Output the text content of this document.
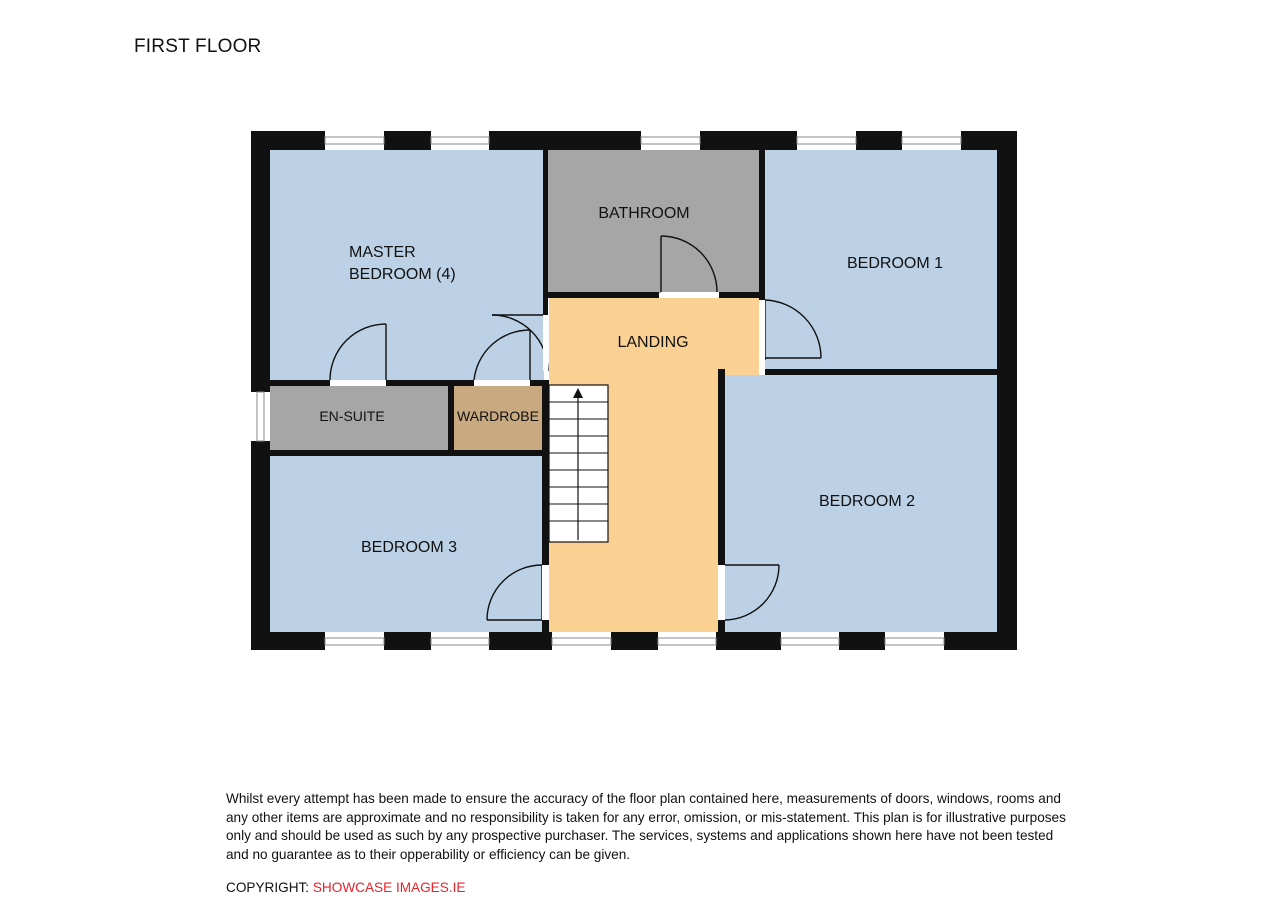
FIRST FLOOR
MASTER
BEDROOM (4)
BATHROOM
BEDROOM 1
LANDING
EN-SUITE	WARDROBE
BEDROOM 2
BEDROOM 3

Whilst every attempt has been made to ensure the accuracy of the floor plan contained here, measurements of doors, windows, rooms and any other items are approximate and no responsibility is taken for any error, omission, or mis-statement. This plan is for illustrative purposes only and should be used as such by any prospective purchaser. The services, systems and applications shown here have not been tested and no guarantee as to their opperability or efficiency can be given.

COPYRIGHT: SHOWCASE IMAGES.IE
